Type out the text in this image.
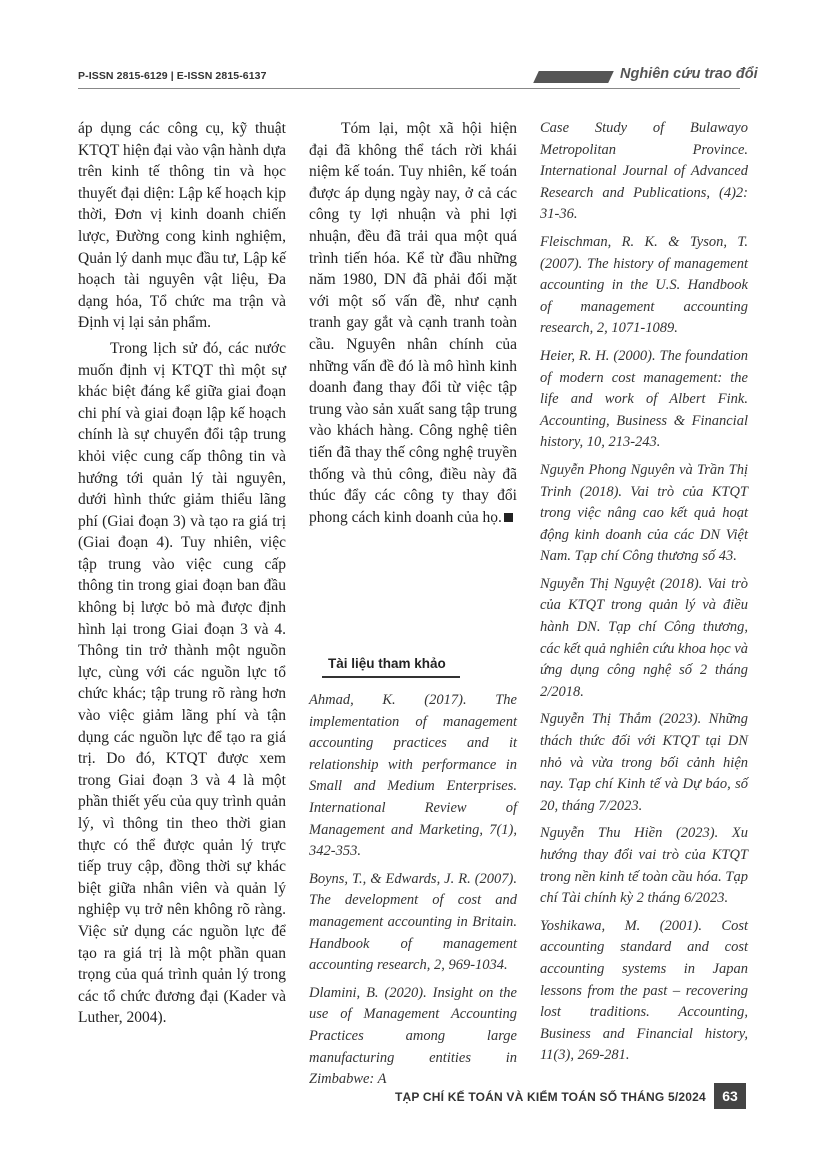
P-ISSN 2815-6129 | E-ISSN 2815-6137	Nghiên cứu trao đổi

áp dụng các công cụ, kỹ thuật KTQT hiện đại vào vận hành dựa trên kinh tế thông tin và học thuyết đại diện: Lập kế hoạch kịp thời, Đơn vị kinh doanh chiến lược, Đường cong kinh nghiệm, Quản lý danh mục đầu tư, Lập kế hoạch tài nguyên vật liệu, Đa dạng hóa, Tổ chức ma trận và Định vị lại sản phẩm.

Trong lịch sử đó, các nước muốn định vị KTQT thì một sự khác biệt đáng kể giữa giai đoạn chi phí và giai đoạn lập kế hoạch chính là sự chuyển đổi tập trung khỏi việc cung cấp thông tin và hướng tới quản lý tài nguyên, dưới hình thức giảm thiểu lãng phí (Giai đoạn 3) và tạo ra giá trị (Giai đoạn 4). Tuy nhiên, việc tập trung vào việc cung cấp thông tin trong giai đoạn ban đầu không bị lược bỏ mà được định hình lại trong Giai đoạn 3 và 4. Thông tin trở thành một nguồn lực, cùng với các nguồn lực tổ chức khác; tập trung rõ ràng hơn vào việc giảm lãng phí và tận dụng các nguồn lực để tạo ra giá trị. Do đó, KTQT được xem trong Giai đoạn 3 và 4 là một phần thiết yếu của quy trình quản lý, vì thông tin theo thời gian thực có thể được quản lý trực tiếp truy cập, đồng thời sự khác biệt giữa nhân viên và quản lý nghiệp vụ trở nên không rõ ràng. Việc sử dụng các nguồn lực để tạo ra giá trị là một phần quan trọng của quá trình quản lý trong các tổ chức đương đại (Kader và Luther, 2004).

Tóm lại, một xã hội hiện đại đã không thể tách rời khái niệm kế toán. Tuy nhiên, kế toán được áp dụng ngày nay, ở cả các công ty lợi nhuận và phi lợi nhuận, đều đã trải qua một quá trình tiến hóa. Kể từ đầu những năm 1980, DN đã phải đối mặt với một số vấn đề, như cạnh tranh gay gắt và cạnh tranh toàn cầu. Nguyên nhân chính của những vấn đề đó là mô hình kinh doanh đang thay đổi từ việc tập trung vào sản xuất sang tập trung vào khách hàng. Công nghệ tiên tiến đã thay thế công nghệ truyền thống và thủ công, điều này đã thúc đẩy các công ty thay đổi phong cách kinh doanh của họ.

Tài liệu tham khảo

Ahmad, K. (2017). The implementation of management accounting practices and it relationship with performance in Small and Medium Enterprises. International Review of Management and Marketing, 7(1), 342-353.

Boyns, T., & Edwards, J. R. (2007). The development of cost and management accounting in Britain. Handbook of management accounting research, 2, 969-1034.

Dlamini, B. (2020). Insight on the use of Management Accounting Practices among large manufacturing entities in Zimbabwe: A

Case Study of Bulawayo Metropolitan Province. International Journal of Advanced Research and Publications, (4)2: 31-36.

Fleischman, R. K. & Tyson, T. (2007). The history of management accounting in the U.S. Handbook of management accounting research, 2, 1071-1089.

Heier, R. H. (2000). The foundation of modern cost management: the life and work of Albert Fink. Accounting, Business & Financial history, 10, 213-243.

Nguyễn Phong Nguyên và Trần Thị Trinh (2018). Vai trò của KTQT trong việc nâng cao kết quả hoạt động kinh doanh của các DN Việt Nam. Tạp chí Công thương số 43.

Nguyễn Thị Nguyệt (2018). Vai trò của KTQT trong quản lý và điều hành DN. Tạp chí Công thương, các kết quả nghiên cứu khoa học và ứng dụng công nghệ số 2 tháng 2/2018.

Nguyễn Thị Thắm (2023). Những thách thức đối với KTQT tại DN nhỏ và vừa trong bối cảnh hiện nay. Tạp chí Kinh tế và Dự báo, số 20, tháng 7/2023.

Nguyễn Thu Hiền (2023). Xu hướng thay đổi vai trò của KTQT trong nền kinh tế toàn cầu hóa. Tạp chí Tài chính kỳ 2 tháng 6/2023.

Yoshikawa, M. (2001). Cost accounting standard and cost accounting systems in Japan lessons from the past – recovering lost traditions. Accounting, Business and Financial history, 11(3), 269-281.

TẠP CHÍ KẾ TOÁN VÀ KIỂM TOÁN SỐ THÁNG 5/2024	63
